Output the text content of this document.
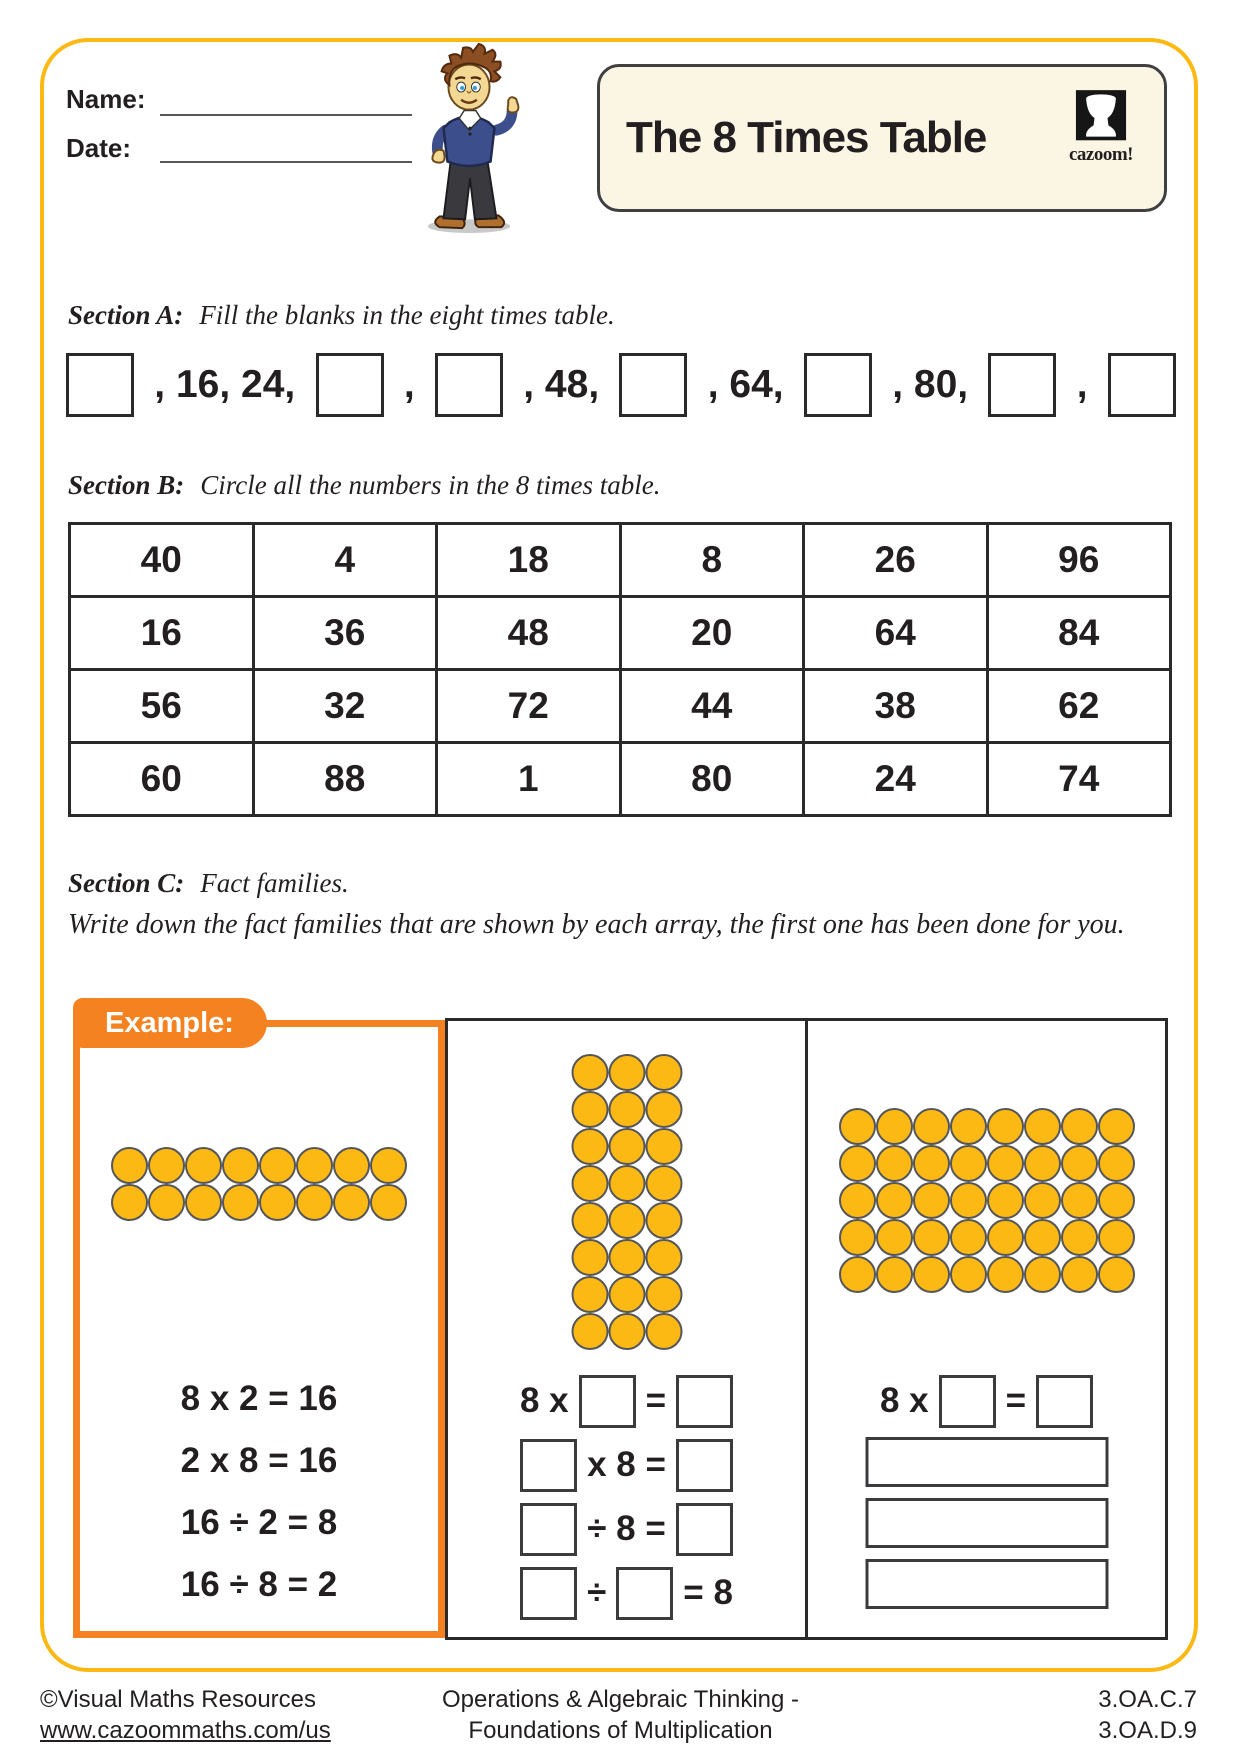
Name:
Date:	The 8 Times Table	cazoom!
Section A: Fill the blanks in the eight times table.
, 16, 24,	,	, 48,	, 64,	, 80,	,
Section B: Circle all the numbers in the 8 times table.
40	4	18	8	26	96
16	36	48	20	64	84
56	32	72	44	38	62
60	88	1	80	24	74
Section C: Fact families.
Write down the fact families that are shown by each array, the first one has been done for you.
8 x =
x 8 =
÷ 8 =
÷ = 8
8 x =
Example:
8 x 2 = 16
2 x 8 = 16
16 ÷ 2 = 8
16 ÷ 8 = 2
©Visual Maths Resources
www.cazoommaths.com/us
Operations & Algebraic Thinking -
Foundations of Multiplication
3.OA.C.7
3.OA.D.9
